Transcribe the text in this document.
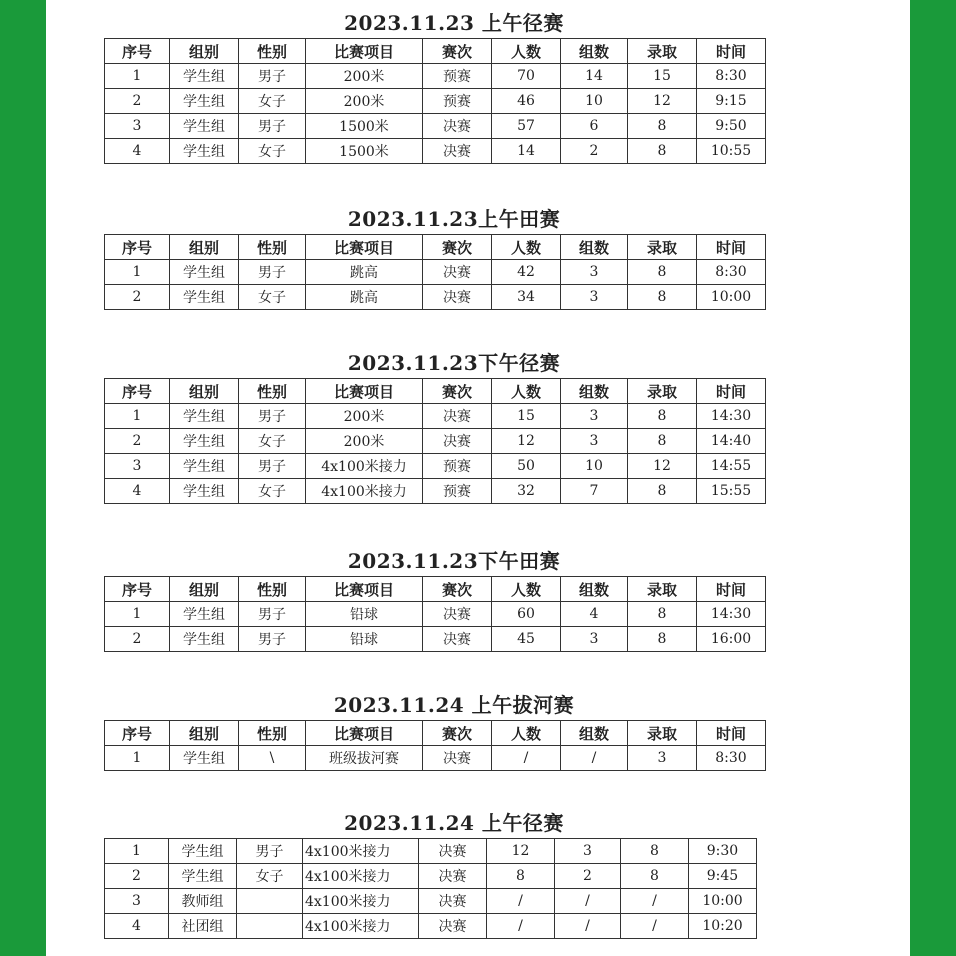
2023.11.23 上午径赛
序号	组别	性别	比赛项目	赛次	人数	组数	录取	时间
1	学生组	男子	200米	预赛	70	14	15	8:30
2	学生组	女子	200米	预赛	46	10	12	9:15
3	学生组	男子	1500米	决赛	57	6	8	9:50
4	学生组	女子	1500米	决赛	14	2	8	10:55
2023.11.23上午田赛
序号	组别	性别	比赛项目	赛次	人数	组数	录取	时间
1	学生组	男子	跳高	决赛	42	3	8	8:30
2	学生组	女子	跳高	决赛	34	3	8	10:00
2023.11.23下午径赛
序号	组别	性别	比赛项目	赛次	人数	组数	录取	时间
1	学生组	男子	200米	决赛	15	3	8	14:30
2	学生组	女子	200米	决赛	12	3	8	14:40
3	学生组	男子	4x100米接力	预赛	50	10	12	14:55
4	学生组	女子	4x100米接力	预赛	32	7	8	15:55
2023.11.23下午田赛
序号	组别	性别	比赛项目	赛次	人数	组数	录取	时间
1	学生组	男子	铅球	决赛	60	4	8	14:30
2	学生组	男子	铅球	决赛	45	3	8	16:00
2023.11.24 上午拔河赛
序号	组别	性别	比赛项目	赛次	人数	组数	录取	时间
1	学生组	\	班级拔河赛	决赛	/	/	3	8:30
2023.11.24 上午径赛
1	学生组	男子	4x100米接力	决赛	12	3	8	9:30
2	学生组	女子	4x100米接力	决赛	8	2	8	9:45
3	教师组		4x100米接力	决赛	/	/	/	10:00
4	社团组		4x100米接力	决赛	/	/	/	10:20
